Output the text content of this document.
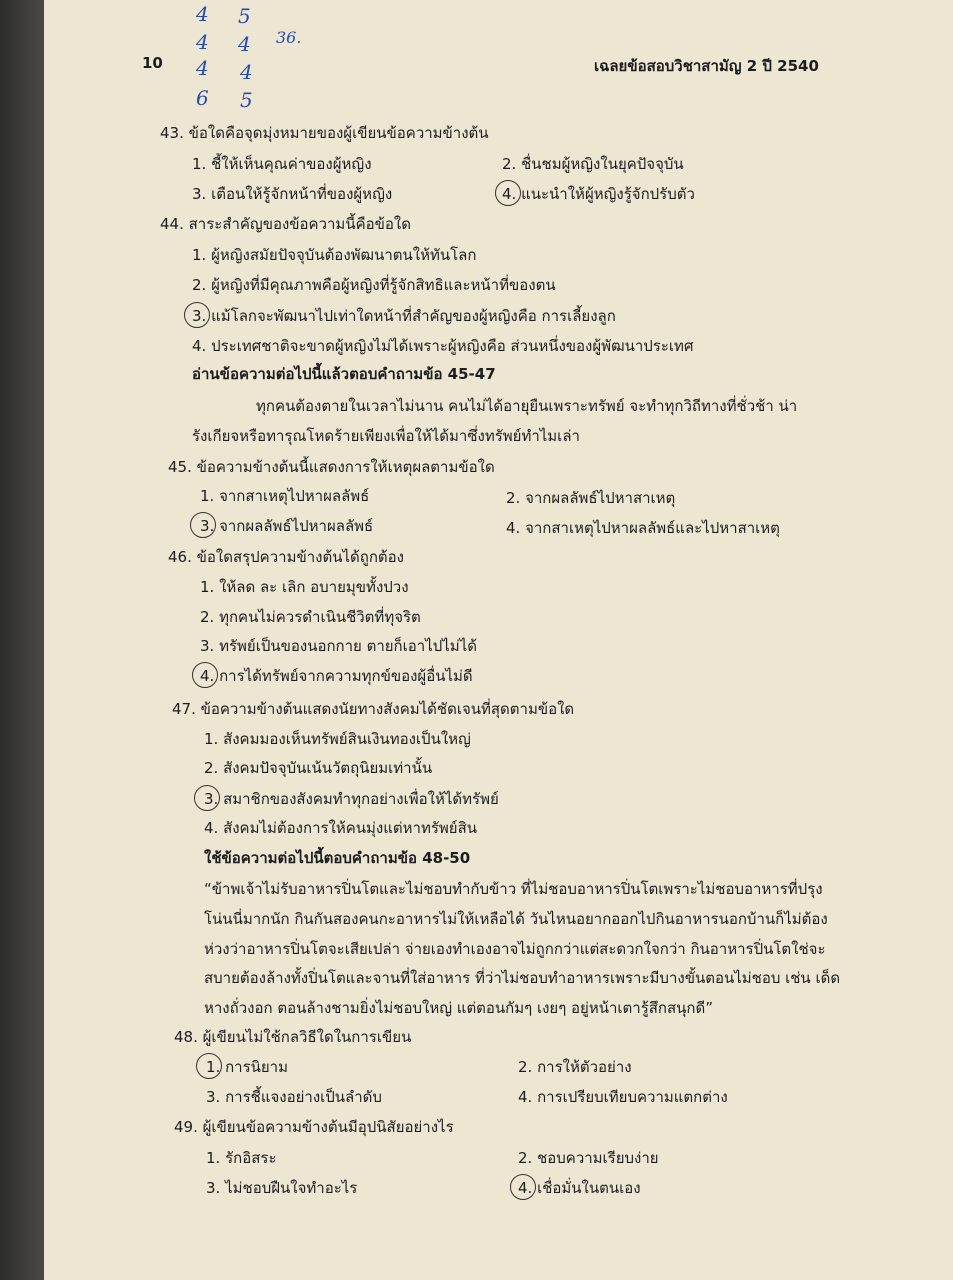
4
4
4
6
5
4
4
5
36.
10	เฉลยข้อสอบวิชาสามัญ 2 ปี 2540
43. ข้อใดคือจุดมุ่งหมายของผู้เขียนข้อความข้างต้น
1. ชี้ให้เห็นคุณค่าของผู้หญิง	2. ชื่นชมผู้หญิงในยุคปัจจุบัน
3. เตือนให้รู้จักหน้าที่ของผู้หญิง	4. แนะนำให้ผู้หญิงรู้จักปรับตัว
44. สาระสำคัญของข้อความนี้คือข้อใด
1. ผู้หญิงสมัยปัจจุบันต้องพัฒนาตนให้ทันโลก
2. ผู้หญิงที่มีคุณภาพคือผู้หญิงที่รู้จักสิทธิและหน้าที่ของตน
3. แม้โลกจะพัฒนาไปเท่าใดหน้าที่สำคัญของผู้หญิงคือ การเลี้ยงลูก
4. ประเทศชาติจะขาดผู้หญิงไม่ได้เพราะผู้หญิงคือ ส่วนหนึ่งของผู้พัฒนาประเทศ
อ่านข้อความต่อไปนี้แล้วตอบคำถามข้อ 45-47
ทุกคนต้องตายในเวลาไม่นาน คนไม่ได้อายุยืนเพราะทรัพย์ จะทำทุกวิถีทางที่ชั่วช้า น่า
รังเกียจหรือทารุณโหดร้ายเพียงเพื่อให้ได้มาซึ่งทรัพย์ทำไมเล่า
45. ข้อความข้างต้นนี้แสดงการให้เหตุผลตามข้อใด
1. จากสาเหตุไปหาผลลัพธ์	2. จากผลลัพธ์ไปหาสาเหตุ
3. จากผลลัพธ์ไปหาผลลัพธ์	4. จากสาเหตุไปหาผลลัพธ์และไปหาสาเหตุ
46. ข้อใดสรุปความข้างต้นได้ถูกต้อง
1. ให้ลด ละ เลิก อบายมุขทั้งปวง
2. ทุกคนไม่ควรดำเนินชีวิตที่ทุจริต
3. ทรัพย์เป็นของนอกกาย ตายก็เอาไปไม่ได้
4. การได้ทรัพย์จากความทุกข์ของผู้อื่นไม่ดี
47. ข้อความข้างต้นแสดงนัยทางสังคมได้ชัดเจนที่สุดตามข้อใด
1. สังคมมองเห็นทรัพย์สินเงินทองเป็นใหญ่
2. สังคมปัจจุบันเน้นวัตถุนิยมเท่านั้น
3. สมาชิกของสังคมทำทุกอย่างเพื่อให้ได้ทรัพย์
4. สังคมไม่ต้องการให้คนมุ่งแต่หาทรัพย์สิน
ใช้ข้อความต่อไปนี้ตอบคำถามข้อ 48-50
“ข้าพเจ้าไม่รับอาหารปิ่นโตและไม่ชอบทำกับข้าว ที่ไม่ชอบอาหารปิ่นโตเพราะไม่ชอบอาหารที่ปรุง
โน่นนี่มากนัก กินกันสองคนกะอาหารไม่ให้เหลือได้ วันไหนอยากออกไปกินอาหารนอกบ้านก็ไม่ต้อง
ห่วงว่าอาหารปิ่นโตจะเสียเปล่า จ่ายเองทำเองอาจไม่ถูกกว่าแต่สะดวกใจกว่า กินอาหารปิ่นโตใช่จะ
สบายต้องล้างทั้งปิ่นโตและจานที่ใส่อาหาร ที่ว่าไม่ชอบทำอาหารเพราะมีบางขั้นตอนไม่ชอบ เช่น เด็ด
หางถั่วงอก ตอนล้างชามยิ่งไม่ชอบใหญ่ แต่ตอนกัมๆ เงยๆ อยู่หน้าเตารู้สึกสนุกดี”
48. ผู้เขียนไม่ใช้กลวิธีใดในการเขียน
1. การนิยาม	2. การให้ตัวอย่าง
3. การชี้แจงอย่างเป็นลำดับ	4. การเปรียบเทียบความแตกต่าง
49. ผู้เขียนข้อความข้างต้นมีอุปนิสัยอย่างไร
1. รักอิสระ	2. ชอบความเรียบง่าย
3. ไม่ชอบฝืนใจทำอะไร	4. เชื่อมั่นในตนเอง
